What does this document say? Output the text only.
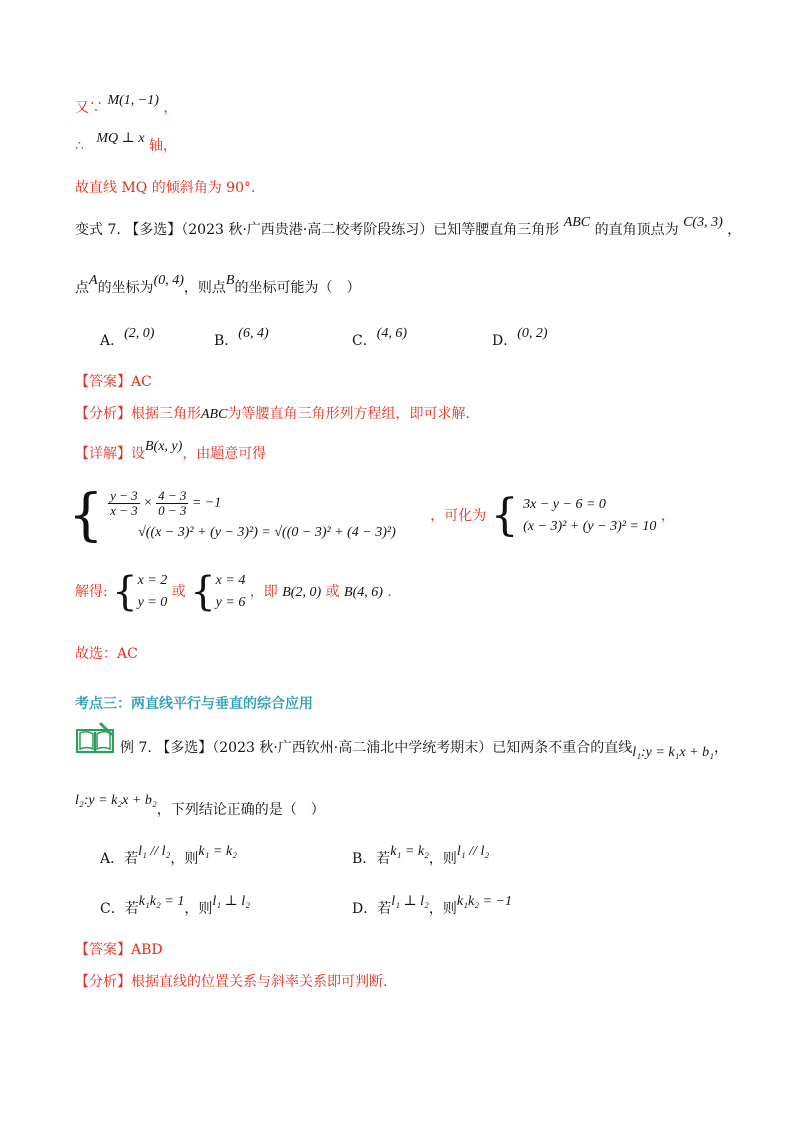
又∵ M(1, −1) ，
∴ MQ ⊥ x 轴，
故直线 MQ 的倾斜角为 90°.
变式 7. 【多选】（2023 秋·广西贵港·高二校考阶段练习）已知等腰直角三角形 ABC 的直角顶点为 C(3, 3) ，
点A的坐标为(0, 4)，则点B的坐标可能为（　）
A．(2, 0)	B．(6, 4)	C．(4, 6)	D．(0, 2)
【答案】AC
【分析】根据三角形ABC为等腰直角三角形列方程组，即可求解.
【详解】设B(x, y)，由题意可得
{ $\frac{y - 3}{x - 3} \times \frac{4 - 3}{0 - 3} = -1$
√((x − 3)² + (y − 3)²) = √((0 − 3)² + (4 − 3)²)
，可化为 { 3x − y − 6 = 0
(x − 3)² + (y − 3)² = 10
，
解得: { x = 2
y = 0
或 { x = 4
y = 6
，即 B(2, 0) 或 B(4, 6) .
故选：AC
考点三：两直线平行与垂直的综合应用
例 7. 【多选】（2023 秋·广西钦州·高二浦北中学统考期末）已知两条不重合的直线l₁:y = k₁x + b₁，
l₂:y = k₂x + b₂，下列结论正确的是（　）
A．若l₁ // l₂，则k₁ = k₂	B．若k₁ = k₂，则l₁ // l₂
C．若k₁k₂ = 1，则l₁ ⊥ l₂	D．若l₁ ⊥ l₂，则k₁k₂ = −1
【答案】ABD
【分析】根据直线的位置关系与斜率关系即可判断.
